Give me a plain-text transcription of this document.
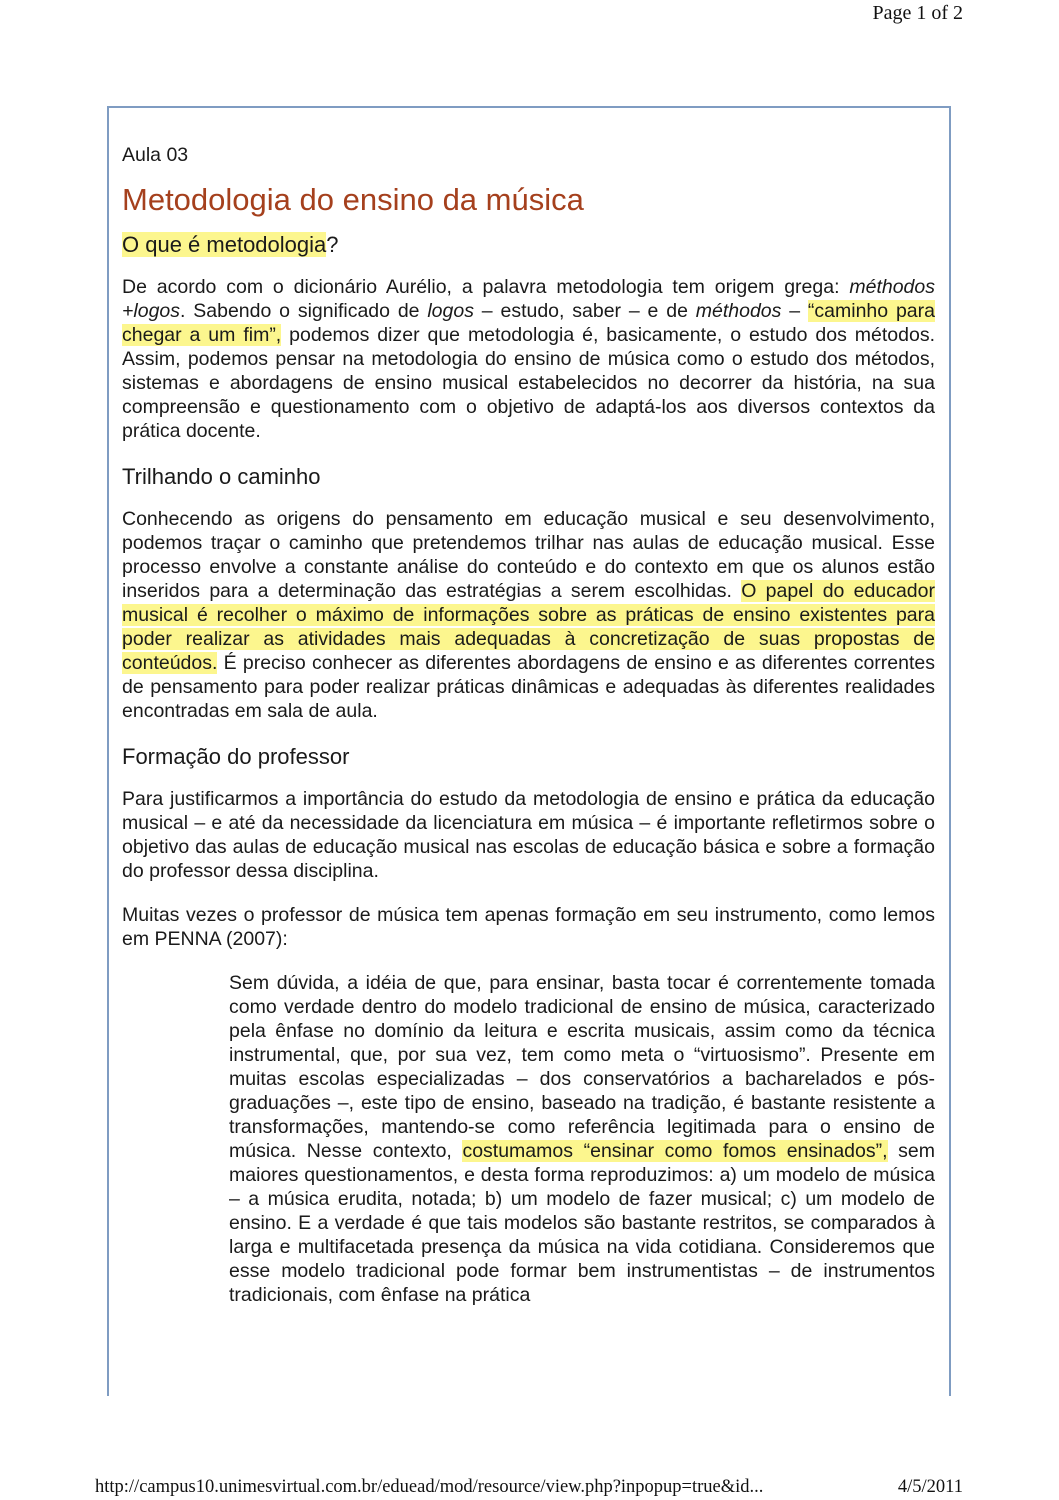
Page 1 of 2
Aula 03
Metodologia do ensino da música
O que é metodologia?

De acordo com o dicionário Aurélio, a palavra metodologia tem origem grega: méthodos +logos. Sabendo o significado de logos – estudo, saber – e de méthodos – “caminho para chegar a um fim”, podemos dizer que metodologia é, basicamente, o estudo dos métodos. Assim, podemos pensar na metodologia do ensino de música como o estudo dos métodos, sistemas e abordagens de ensino musical estabelecidos no decorrer da história, na sua compreensão e questionamento com o objetivo de adaptá-los aos diversos contextos da prática docente.

Trilhando o caminho

Conhecendo as origens do pensamento em educação musical e seu desenvolvimento, podemos traçar o caminho que pretendemos trilhar nas aulas de educação musical. Esse processo envolve a constante análise do conteúdo e do contexto em que os alunos estão inseridos para a determinação das estratégias a serem escolhidas. O papel do educador musical é recolher o máximo de informações sobre as práticas de ensino existentes para poder realizar as atividades mais adequadas à concretização de suas propostas de conteúdos. É preciso conhecer as diferentes abordagens de ensino e as diferentes correntes de pensamento para poder realizar práticas dinâmicas e adequadas às diferentes realidades encontradas em sala de aula.

Formação do professor

Para justificarmos a importância do estudo da metodologia de ensino e prática da educação musical – e até da necessidade da licenciatura em música – é importante refletirmos sobre o objetivo das aulas de educação musical nas escolas de educação básica e sobre a formação do professor dessa disciplina.

Muitas vezes o professor de música tem apenas formação em seu instrumento, como lemos em PENNA (2007):

Sem dúvida, a idéia de que, para ensinar, basta tocar é correntemente tomada como verdade dentro do modelo tradicional de ensino de música, caracterizado pela ênfase no domínio da leitura e escrita musicais, assim como da técnica instrumental, que, por sua vez, tem como meta o “virtuosismo”. Presente em muitas escolas especializadas – dos conservatórios a bacharelados e pós-graduações –, este tipo de ensino, baseado na tradição, é bastante resistente a transformações, mantendo-se como referência legitimada para o ensino de música. Nesse contexto, costumamos “ensinar como fomos ensinados”, sem maiores questionamentos, e desta forma reproduzimos: a) um modelo de música – a música erudita, notada; b) um modelo de fazer musical; c) um modelo de ensino. E a verdade é que tais modelos são bastante restritos, se comparados à larga e multifacetada presença da música na vida cotidiana. Consideremos que esse modelo tradicional pode formar bem instrumentistas – de instrumentos tradicionais, com ênfase na prática

http://campus10.unimesvirtual.com.br/eduead/mod/resource/view.php?inpopup=true&id...	4/5/2011
